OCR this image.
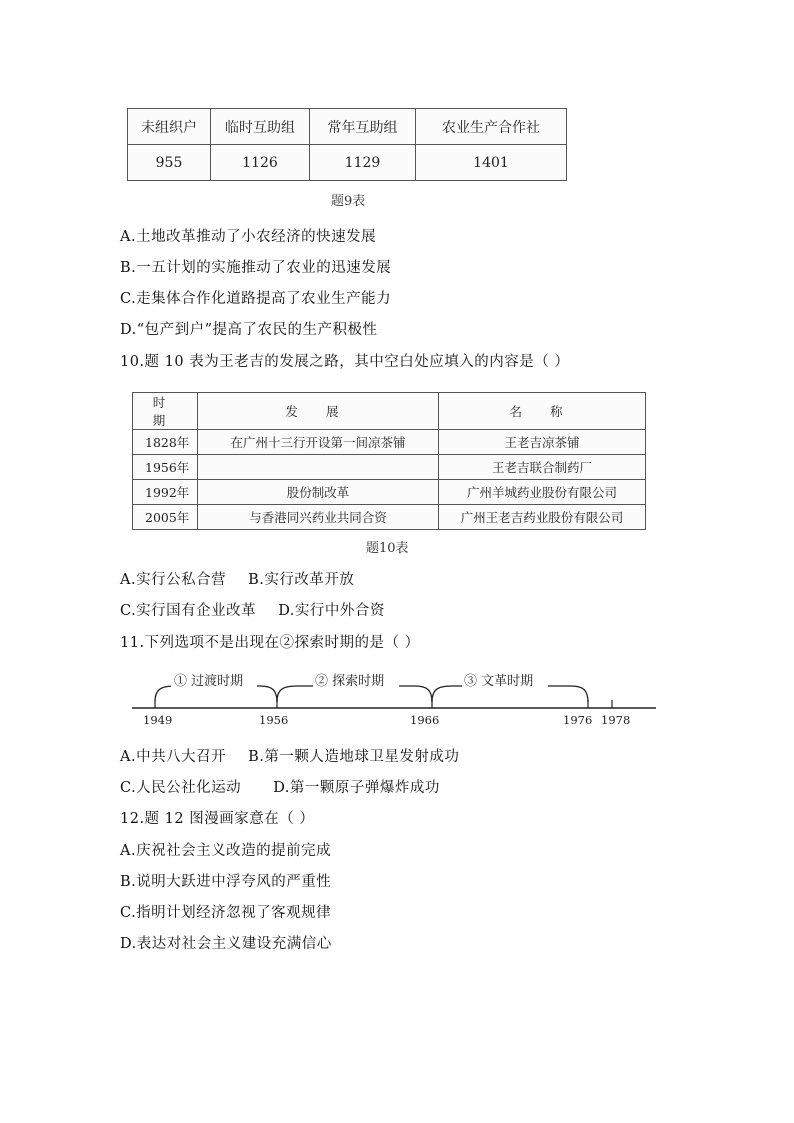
未组织户	临时互助组	常年互助组	农业生产合作社
955	1126	1129	1401
题9表
A.土地改革推动了小农经济的快速发展
B.一五计划的实施推动了农业的迅速发展
C.走集体合作化道路提高了农业生产能力
D.“包产到户”提高了农民的生产积极性
10.题 10 表为王老吉的发展之路，其中空白处应填入的内容是（ ）
时 期	发 展	名 称
1828年	在广州十三行开设第一间凉茶铺	王老吉凉茶铺
1956年		王老吉联合制药厂
1992年	股份制改革	广州羊城药业股份有限公司
2005年	与香港同兴药业共同合资	广州王老吉药业股份有限公司
题10表
A.实行公私合营 B.实行改革开放
C.实行国有企业改革 D.实行中外合资
11.下列选项不是出现在②探索时期的是（ ）
① 过渡时期	② 探索时期	③ 文革时期
1949	1956	1966	1976 1978
A.中共八大召开 B.第一颗人造地球卫星发射成功
C.人民公社化运动 D.第一颗原子弹爆炸成功
12.题 12 图漫画家意在（ ）
A.庆祝社会主义改造的提前完成
B.说明大跃进中浮夸风的严重性
C.指明计划经济忽视了客观规律
D.表达对社会主义建设充满信心
